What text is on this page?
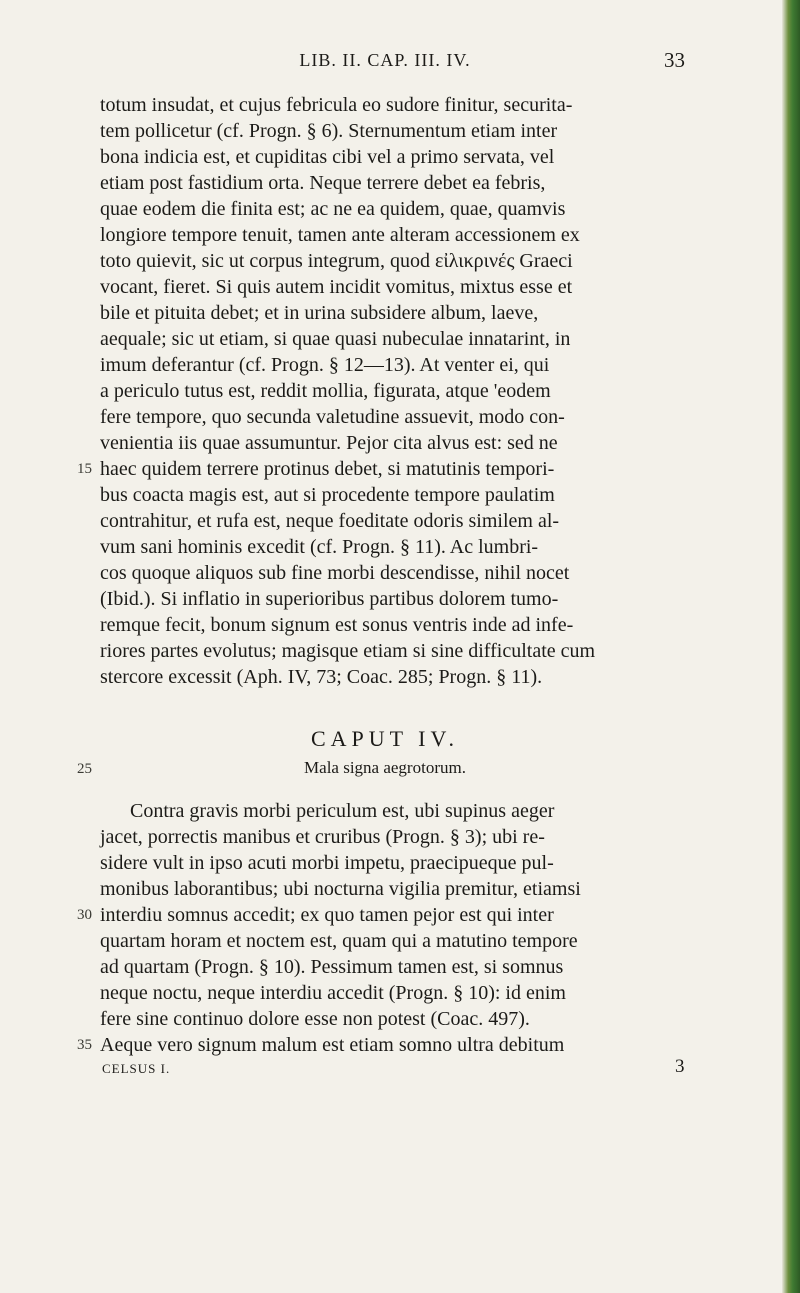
LIB. II. CAP. III. IV.	33
totum insudat, et cujus febricula eo sudore finitur, securita-
tem pollicetur (cf. Progn. § 6). Sternumentum etiam inter
bona indicia est, et cupiditas cibi vel a primo servata, vel
etiam post fastidium orta. Neque terrere debet ea febris,
quae eodem die finita est; ac ne ea quidem, quae, quamvis
longiore tempore tenuit, tamen ante alteram accessionem ex
toto quievit, sic ut corpus integrum, quod εἰλικρινές Graeci
vocant, fieret. Si quis autem incidit vomitus, mixtus esse et
bile et pituita debet; et in urina subsidere album, laeve,
aequale; sic ut etiam, si quae quasi nubeculae innatarint, in
imum deferantur (cf. Progn. § 12—13). At venter ei, qui
a periculo tutus est, reddit mollia, figurata, atque 'eodem
fere tempore, quo secunda valetudine assuevit, modo con-
venientia iis quae assumuntur. Pejor cita alvus est: sed ne
15 haec quidem terrere protinus debet, si matutinis tempori-
bus coacta magis est, aut si procedente tempore paulatim
contrahitur, et rufa est, neque foeditate odoris similem al-
vum sani hominis excedit (cf. Progn. § 11). Ac lumbri-
cos quoque aliquos sub fine morbi descendisse, nihil nocet
(Ibid.). Si inflatio in superioribus partibus dolorem tumo-
remque fecit, bonum signum est sonus ventris inde ad infe-
riores partes evolutus; magisque etiam si sine difficultate cum
stercore excessit (Aph. IV, 73; Coac. 285; Progn. § 11).
CAPUT IV.
25	Mala signa aegrotorum.
Contra gravis morbi periculum est, ubi supinus aeger
jacet, porrectis manibus et cruribus (Progn. § 3); ubi re-
sidere vult in ipso acuti morbi impetu, praecipueque pul-
monibus laborantibus; ubi nocturna vigilia premitur, etiamsi
30 interdiu somnus accedit; ex quo tamen pejor est qui inter
quartam horam et noctem est, quam qui a matutino tempore
ad quartam (Progn. § 10). Pessimum tamen est, si somnus
neque noctu, neque interdiu accedit (Progn. § 10): id enim
fere sine continuo dolore esse non potest (Coac. 497).
35 Aeque vero signum malum est etiam somno ultra debitum
CELSUS I.	3
